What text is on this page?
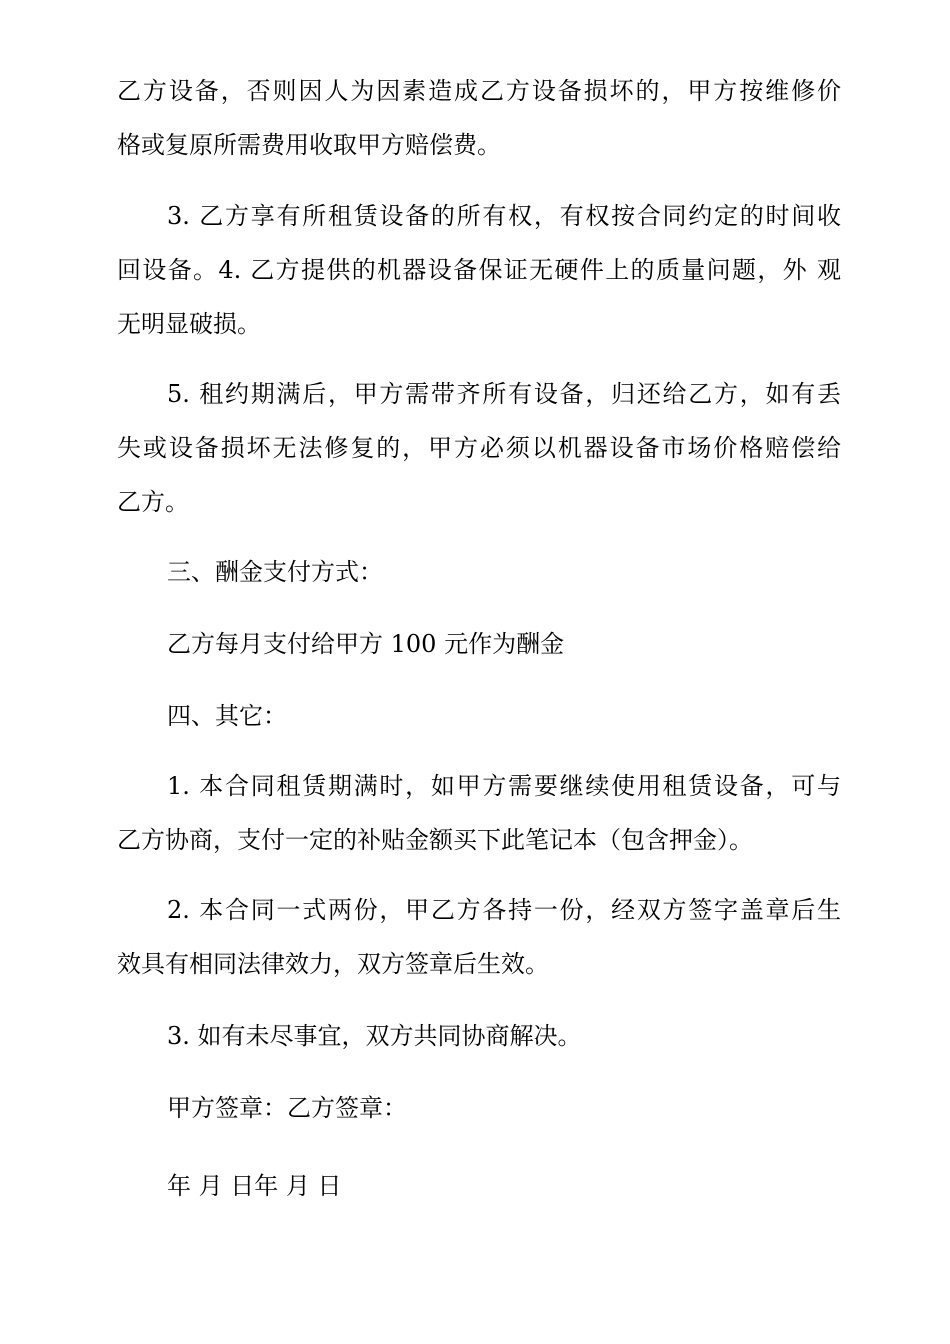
乙方设备，否则因人为因素造成乙方设备损坏的，甲方按维修价
格或复原所需费用收取甲方赔偿费。
3. 乙方享有所租赁设备的所有权，有权按合同约定的时间收
回设备。4. 乙方提供的机器设备保证无硬件上的质量问题，外 观
无明显破损。
5. 租约期满后，甲方需带齐所有设备，归还给乙方，如有丢
失或设备损坏无法修复的，甲方必须以机器设备市场价格赔偿给
乙方。
三、酬金支付方式：
乙方每月支付给甲方 100 元作为酬金
四、其它：
1. 本合同租赁期满时，如甲方需要继续使用租赁设备，可与
乙方协商，支付一定的补贴金额买下此笔记本（包含押金）。
2. 本合同一式两份，甲乙方各持一份，经双方签字盖章后生
效具有相同法律效力，双方签章后生效。
3. 如有未尽事宜，双方共同协商解决。
甲方签章：乙方签章：
年 月 日年 月 日
